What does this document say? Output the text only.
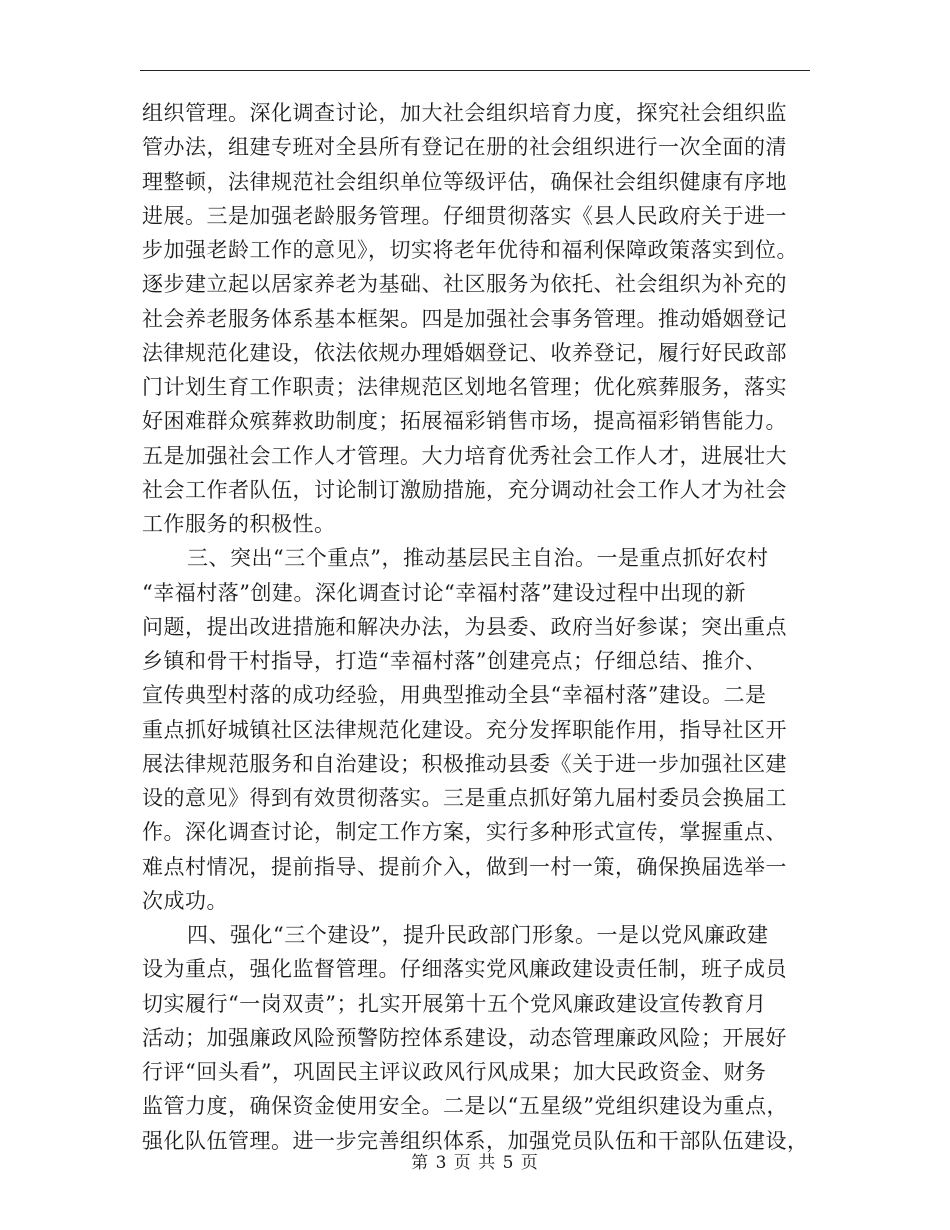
组织管理。深化调查讨论，加大社会组织培育力度，探究社会组织监
管办法，组建专班对全县所有登记在册的社会组织进行一次全面的清
理整顿，法律规范社会组织单位等级评估，确保社会组织健康有序地
进展。三是加强老龄服务管理。仔细贯彻落实《县人民政府关于进一
步加强老龄工作的意见》，切实将老年优待和福利保障政策落实到位。
逐步建立起以居家养老为基础、社区服务为依托、社会组织为补充的
社会养老服务体系基本框架。四是加强社会事务管理。推动婚姻登记
法律规范化建设，依法依规办理婚姻登记、收养登记，履行好民政部
门计划生育工作职责；法律规范区划地名管理；优化殡葬服务，落实
好困难群众殡葬救助制度；拓展福彩销售市场，提高福彩销售能力。
五是加强社会工作人才管理。大力培育优秀社会工作人才，进展壮大
社会工作者队伍，讨论制订激励措施，充分调动社会工作人才为社会
工作服务的积极性。
三、突出“三个重点”，推动基层民主自治。一是重点抓好农村
“幸福村落”创建。深化调查讨论“幸福村落”建设过程中出现的新
问题，提出改进措施和解决办法，为县委、政府当好参谋；突出重点
乡镇和骨干村指导，打造“幸福村落”创建亮点；仔细总结、推介、
宣传典型村落的成功经验，用典型推动全县“幸福村落”建设。二是
重点抓好城镇社区法律规范化建设。充分发挥职能作用，指导社区开
展法律规范服务和自治建设；积极推动县委《关于进一步加强社区建
设的意见》得到有效贯彻落实。三是重点抓好第九届村委员会换届工
作。深化调查讨论，制定工作方案，实行多种形式宣传，掌握重点、
难点村情况，提前指导、提前介入，做到一村一策，确保换届选举一
次成功。
四、强化“三个建设”，提升民政部门形象。一是以党风廉政建
设为重点，强化监督管理。仔细落实党风廉政建设责任制，班子成员
切实履行“一岗双责”；扎实开展第十五个党风廉政建设宣传教育月
活动；加强廉政风险预警防控体系建设，动态管理廉政风险；开展好
行评“回头看”，巩固民主评议政风行风成果；加大民政资金、财务
监管力度，确保资金使用安全。二是以“五星级”党组织建设为重点，
强化队伍管理。进一步完善组织体系，加强党员队伍和干部队伍建设，
第 3 页 共 5 页
